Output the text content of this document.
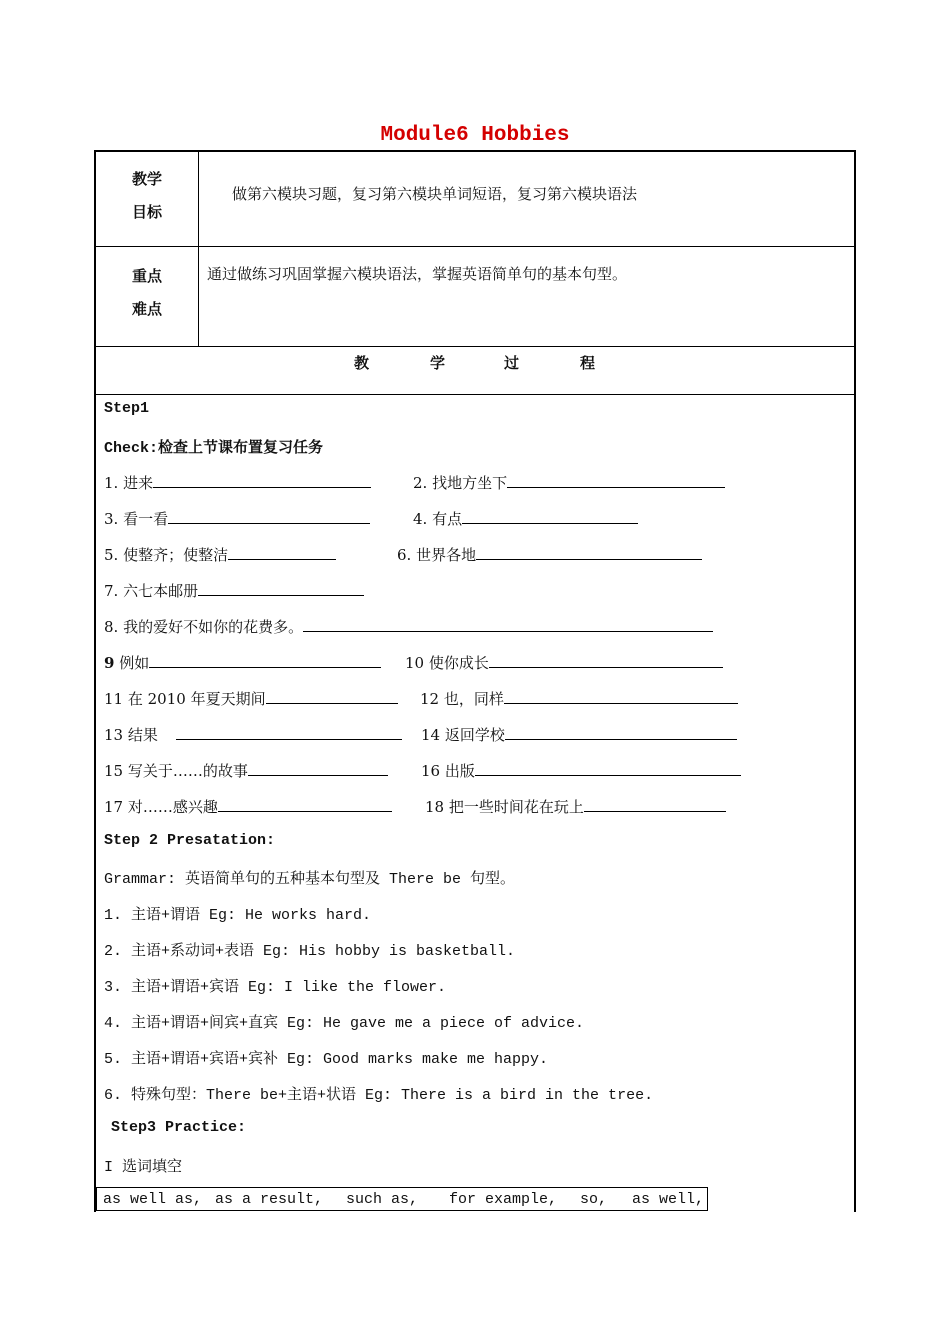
Module6 Hobbies
教学
目标
做第六模块习题，复习第六模块单词短语，复习第六模块语法
重点
难点
通过做练习巩固掌握六模块语法，掌握英语简单句的基本句型。
教	学	过	程
Step1
Check:检查上节课布置复习任务
1. 进来	2. 找地方坐下
3. 看一看	4. 有点
5. 使整齐；使整洁	6. 世界各地
7. 六七本邮册
8. 我的爱好不如你的花费多。
9 例如	10 使你成长
11 在 2010 年夏天期间	12 也，同样
13 结果	14 返回学校
15 写关于……的故事	16 出版
17 对……感兴趣	18 把一些时间花在玩上
Step 2 Presatation:
Grammar: 英语简单句的五种基本句型及 There be 句型。
1. 主语+谓语 Eg: He works hard.
2. 主语+系动词+表语 Eg: His hobby is basketball.
3. 主语+谓语+宾语 Eg: I like the flower.
4. 主语+谓语+间宾+直宾 Eg: He gave me a piece of advice.
5. 主语+谓语+宾语+宾补 Eg: Good marks make me happy.
6. 特殊句型：There be+主语+状语 Eg: There is a bird in the tree.
Step3 Practice:
I 选词填空
as well as, as a result, such as, for example, so, as well,
